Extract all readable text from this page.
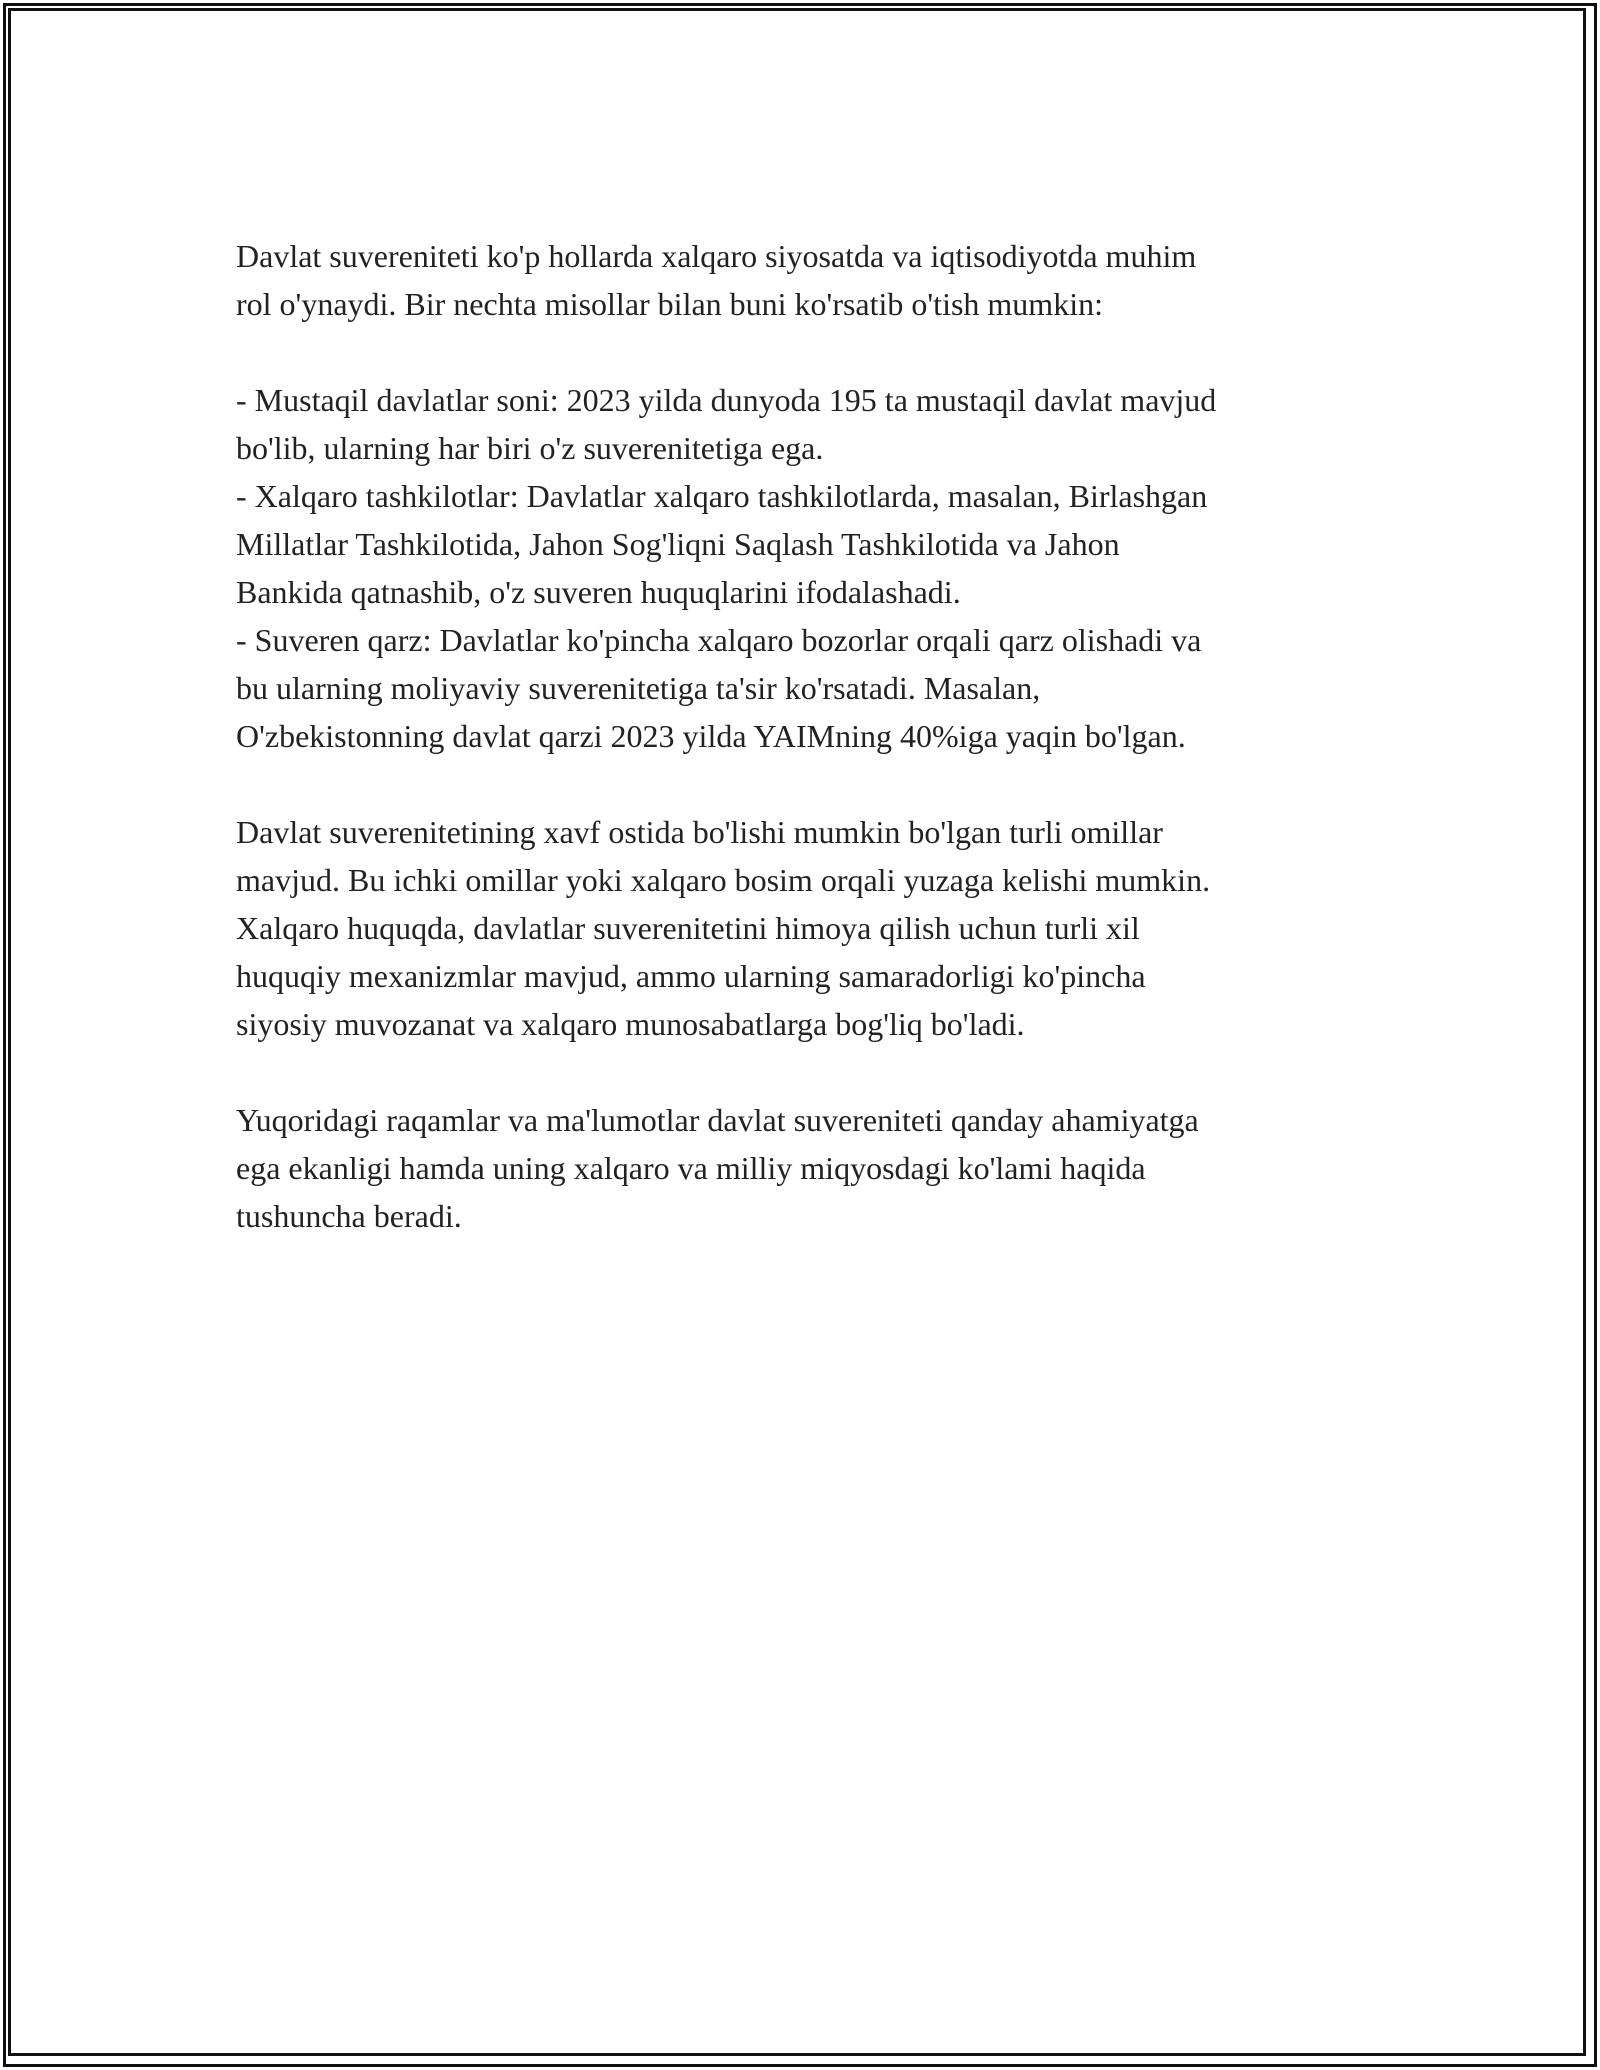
Davlat suvereniteti ko'p hollarda xalqaro siyosatda va iqtisodiyotda muhim
rol o'ynaydi. Bir nechta misollar bilan buni ko'rsatib o'tish mumkin:
- Mustaqil davlatlar soni: 2023 yilda dunyoda 195 ta mustaqil davlat mavjud
bo'lib, ularning har biri o'z suverenitetiga ega.
- Xalqaro tashkilotlar: Davlatlar xalqaro tashkilotlarda, masalan, Birlashgan
Millatlar Tashkilotida, Jahon Sog'liqni Saqlash Tashkilotida va Jahon
Bankida qatnashib, o'z suveren huquqlarini ifodalashadi.
- Suveren qarz: Davlatlar ko'pincha xalqaro bozorlar orqali qarz olishadi va
bu ularning moliyaviy suverenitetiga ta'sir ko'rsatadi. Masalan,
O'zbekistonning davlat qarzi 2023 yilda YAIMning 40%iga yaqin bo'lgan.
Davlat suverenitetining xavf ostida bo'lishi mumkin bo'lgan turli omillar
mavjud. Bu ichki omillar yoki xalqaro bosim orqali yuzaga kelishi mumkin.
Xalqaro huquqda, davlatlar suverenitetini himoya qilish uchun turli xil
huquqiy mexanizmlar mavjud, ammo ularning samaradorligi ko'pincha
siyosiy muvozanat va xalqaro munosabatlarga bog'liq bo'ladi.
Yuqoridagi raqamlar va ma'lumotlar davlat suvereniteti qanday ahamiyatga
ega ekanligi hamda uning xalqaro va milliy miqyosdagi ko'lami haqida
tushuncha beradi.
